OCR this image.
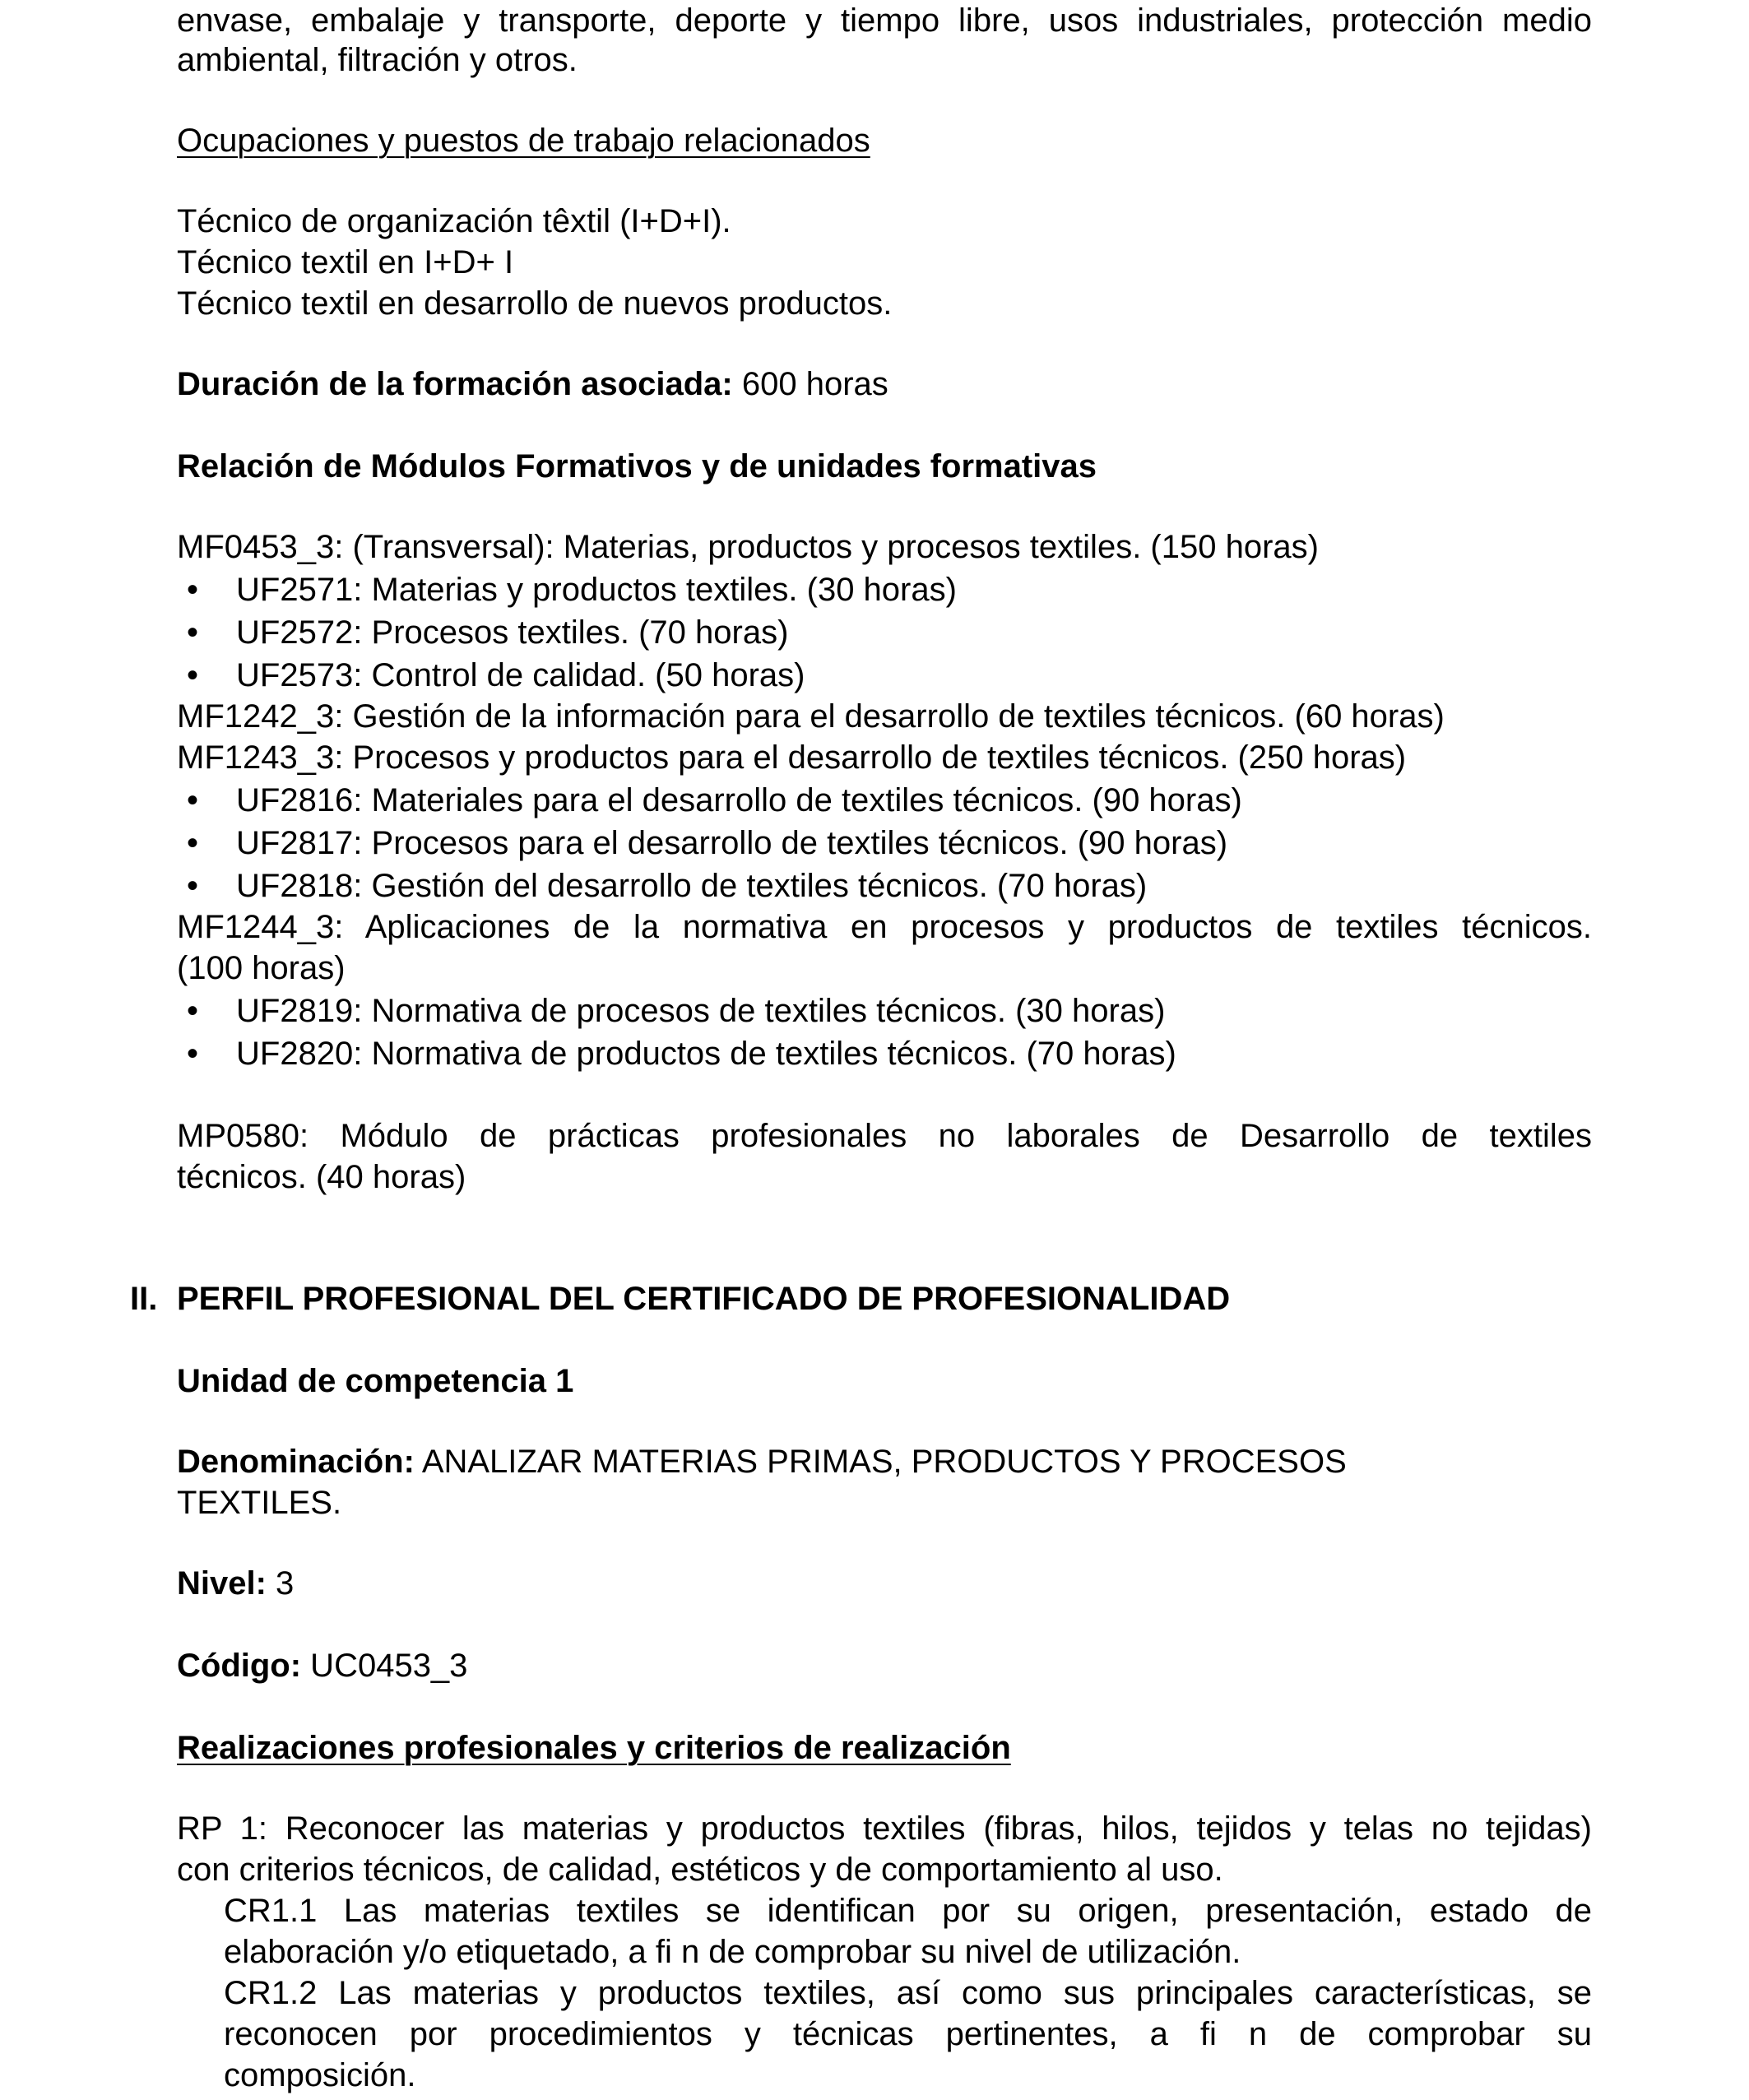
envase, embalaje y transporte, deporte y tiempo libre, usos industriales, protección medio
ambiental, filtración y otros.
Ocupaciones y puestos de trabajo relacionados
Técnico de organización têxtil (I+D+I).
Técnico textil en I+D+ I
Técnico textil en desarrollo de nuevos productos.
Duración de la formación asociada: 600 horas
Relación de Módulos Formativos y de unidades formativas
MF0453_3: (Transversal): Materias, productos y procesos textiles. (150 horas)
• UF2571: Materias y productos textiles. (30 horas)
• UF2572: Procesos textiles. (70 horas)
• UF2573: Control de calidad. (50 horas)
MF1242_3: Gestión de la información para el desarrollo de textiles técnicos. (60 horas)
MF1243_3: Procesos y productos para el desarrollo de textiles técnicos. (250 horas)
• UF2816: Materiales para el desarrollo de textiles técnicos. (90 horas)
• UF2817: Procesos para el desarrollo de textiles técnicos. (90 horas)
• UF2818: Gestión del desarrollo de textiles técnicos. (70 horas)
MF1244_3: Aplicaciones de la normativa en procesos y productos de textiles técnicos.
(100 horas)
• UF2819: Normativa de procesos de textiles técnicos. (30 horas)
• UF2820: Normativa de productos de textiles técnicos. (70 horas)
MP0580: Módulo de prácticas profesionales no laborales de Desarrollo de textiles
técnicos. (40 horas)
II. PERFIL PROFESIONAL DEL CERTIFICADO DE PROFESIONALIDAD
Unidad de competencia 1
Denominación: ANALIZAR MATERIAS PRIMAS, PRODUCTOS Y PROCESOS
TEXTILES.
Nivel: 3
Código: UC0453_3
Realizaciones profesionales y criterios de realización
RP 1: Reconocer las materias y productos textiles (fibras, hilos, tejidos y telas no tejidas)
con criterios técnicos, de calidad, estéticos y de comportamiento al uso.
CR1.1 Las materias textiles se identifican por su origen, presentación, estado de
elaboración y/o etiquetado, a fi n de comprobar su nivel de utilización.
CR1.2 Las materias y productos textiles, así como sus principales características, se
reconocen por procedimientos y técnicas pertinentes, a fi n de comprobar su
composición.
